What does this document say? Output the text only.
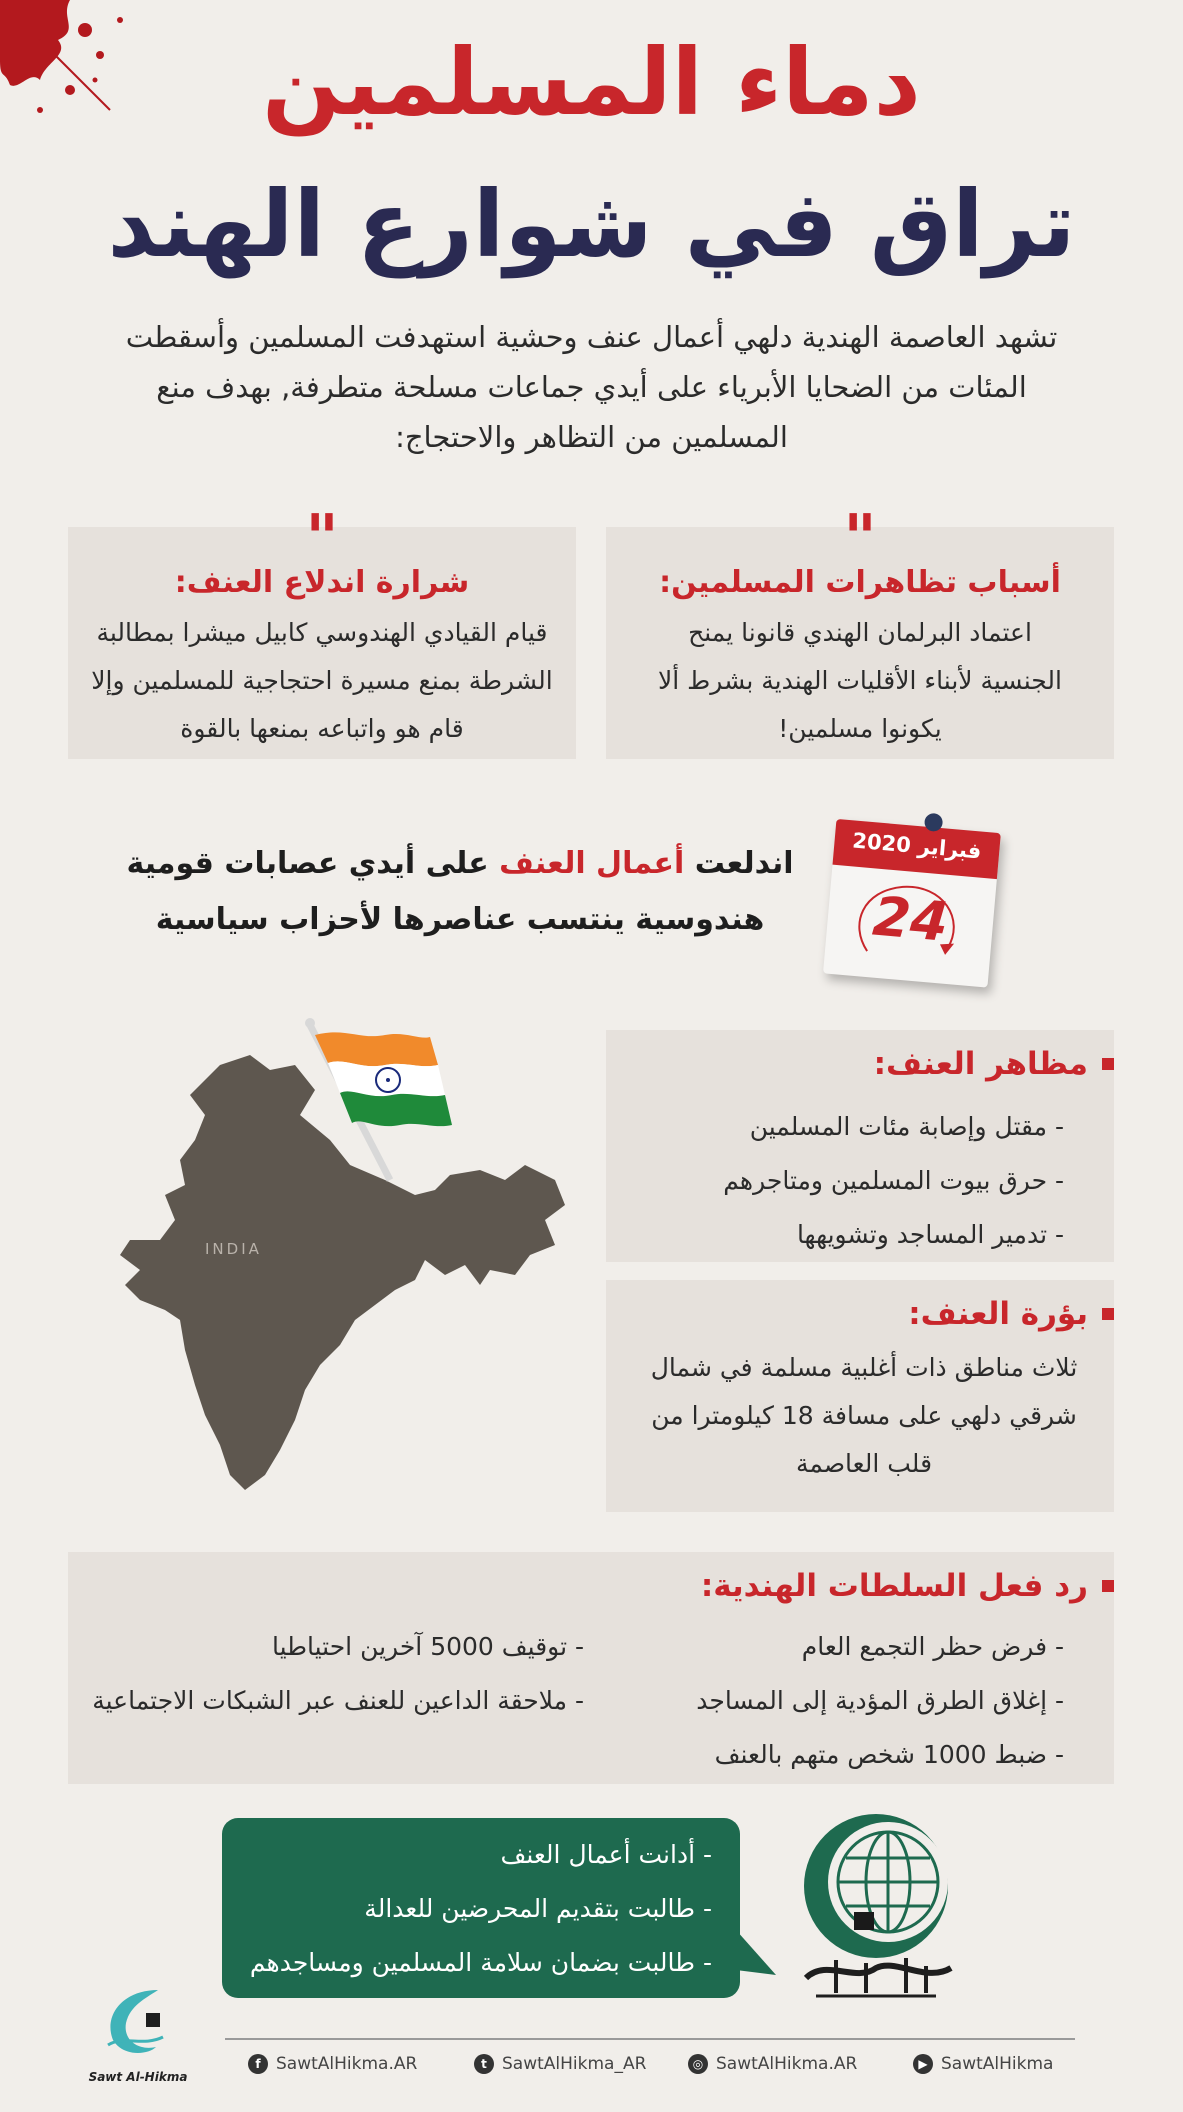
دماء المسلمين
تراق في شوارع الهند
تشهد العاصمة الهندية دلهي أعمال عنف وحشية استهدفت المسلمين وأسقطت
المئات من الضحايا الأبرياء على أيدي جماعات مسلحة متطرفة, بهدف منع
المسلمين من التظاهر والاحتجاج:
"
أسباب تظاهرات المسلمين:
اعتماد البرلمان الهندي قانونا يمنح
الجنسية لأبناء الأقليات الهندية بشرط ألا
يكونوا مسلمين!
"
شرارة اندلاع العنف:
قيام القيادي الهندوسي كابيل ميشرا بمطالبة
الشرطة بمنع مسيرة احتجاجية للمسلمين وإلا
قام هو واتباعه بمنعها بالقوة
اندلعت أعمال العنف على أيدي عصابات قومية
هندوسية ينتسب عناصرها لأحزاب سياسية
فبراير 2020
24
INDIA
مظاهر العنف:
- مقتل وإصابة مئات المسلمين
- حرق بيوت المسلمين ومتاجرهم
- تدمير المساجد وتشويهها
بؤرة العنف:
ثلاث مناطق ذات أغلبية مسلمة في شمال
شرقي دلهي على مسافة 18 كيلومترا من
قلب العاصمة
رد فعل السلطات الهندية:
- فرض حظر التجمع العام
- إغلاق الطرق المؤدية إلى المساجد
- ضبط 1000 شخص متهم بالعنف
- توقيف 5000 آخرين احتياطيا
- ملاحقة الداعين للعنف عبر الشبكات الاجتماعية
- أدانت أعمال العنف
- طالبت بتقديم المحرضين للعدالة
- طالبت بضمان سلامة المسلمين ومساجدهم
Sawt Al-Hikma
f SawtAlHikma.AR	t SawtAlHikma_AR	◎ SawtAlHikma.AR	▶ SawtAlHikma
